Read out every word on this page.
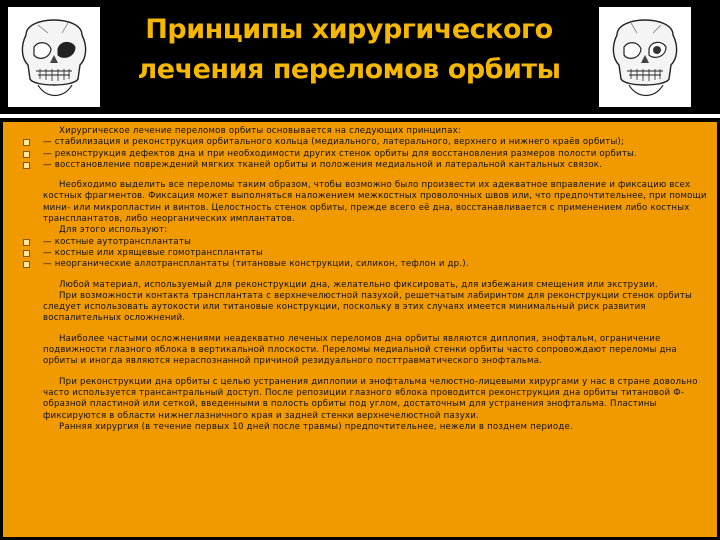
Принципы хирургического лечения переломов орбиты

Хирургическое лечение переломов орбиты основывается на следующих принципах:

— стабилизация и реконструкция орбитального кольца (медиального, латерального, верхнего и нижнего краёв орбиты);

— реконструкция дефектов дна и при необходимости других стенок орбиты для восстановления размеров полости орбиты.

— восстановление повреждений мягких тканей орбиты и положения медиальной и латеральной кантальных связок.

Необходимо выделить все переломы таким образом, чтобы возможно было произвести их адекватное вправление и фиксацию всех костных фрагментов. Фиксация может выполняться наложением межкостных проволочных швов или, что предпочтительнее, при помощи мини- или микропластин и винтов. Целостность стенок орбиты, прежде всего её дна, восстанавливается с применением либо костных трансплантатов, либо неорганических имплантатов.

Для этого используют:

— костные аутотрансплантаты

— костные или хрящевые гомотрансплантаты

— неорганические аллотрансплантаты (титановые конструкции, силикон, тефлон и др.).

Любой материал, используемый для реконструкции дна, желательно фиксировать, для избежания смещения или экструзии.

При возможности контакта трансплантата с верхнечелюстной пазухой, решетчатым лабиринтом для реконструкции стенок орбиты следует использовать аутокости или титановые конструкции, поскольку в этих случаях имеется минимальный риск развития воспалительных осложнений.

Наиболее частыми осложнениями неадекватно леченых переломов дна орбиты являются диплопия, энофтальм, ограничение подвижности глазного яблока в вертикальной плоскости. Переломы медиальной стенки орбиты часто сопровождают переломы дна орбиты и иногда являются нераспознанной причиной резидуального посттравматического энофтальма.

При реконструкции дна орбиты с целью устранения диплопии и энофтальма челюстно-лицевыми хирургами у нас в стране довольно часто используется трансантральный доступ. После репозиции глазного яблока проводится реконструкция дна орбиты титановой Ф-образной пластиной или сеткой, введенными в полость орбиты под углом, достаточным для устранения энофтальма. Пластины фиксируются в области нижнеглазничного края и задней стенки верхнечелюстной пазухи.

Ранняя хирургия (в течение первых 10 дней после травмы) предпочтительнее, нежели в позднем периоде.
